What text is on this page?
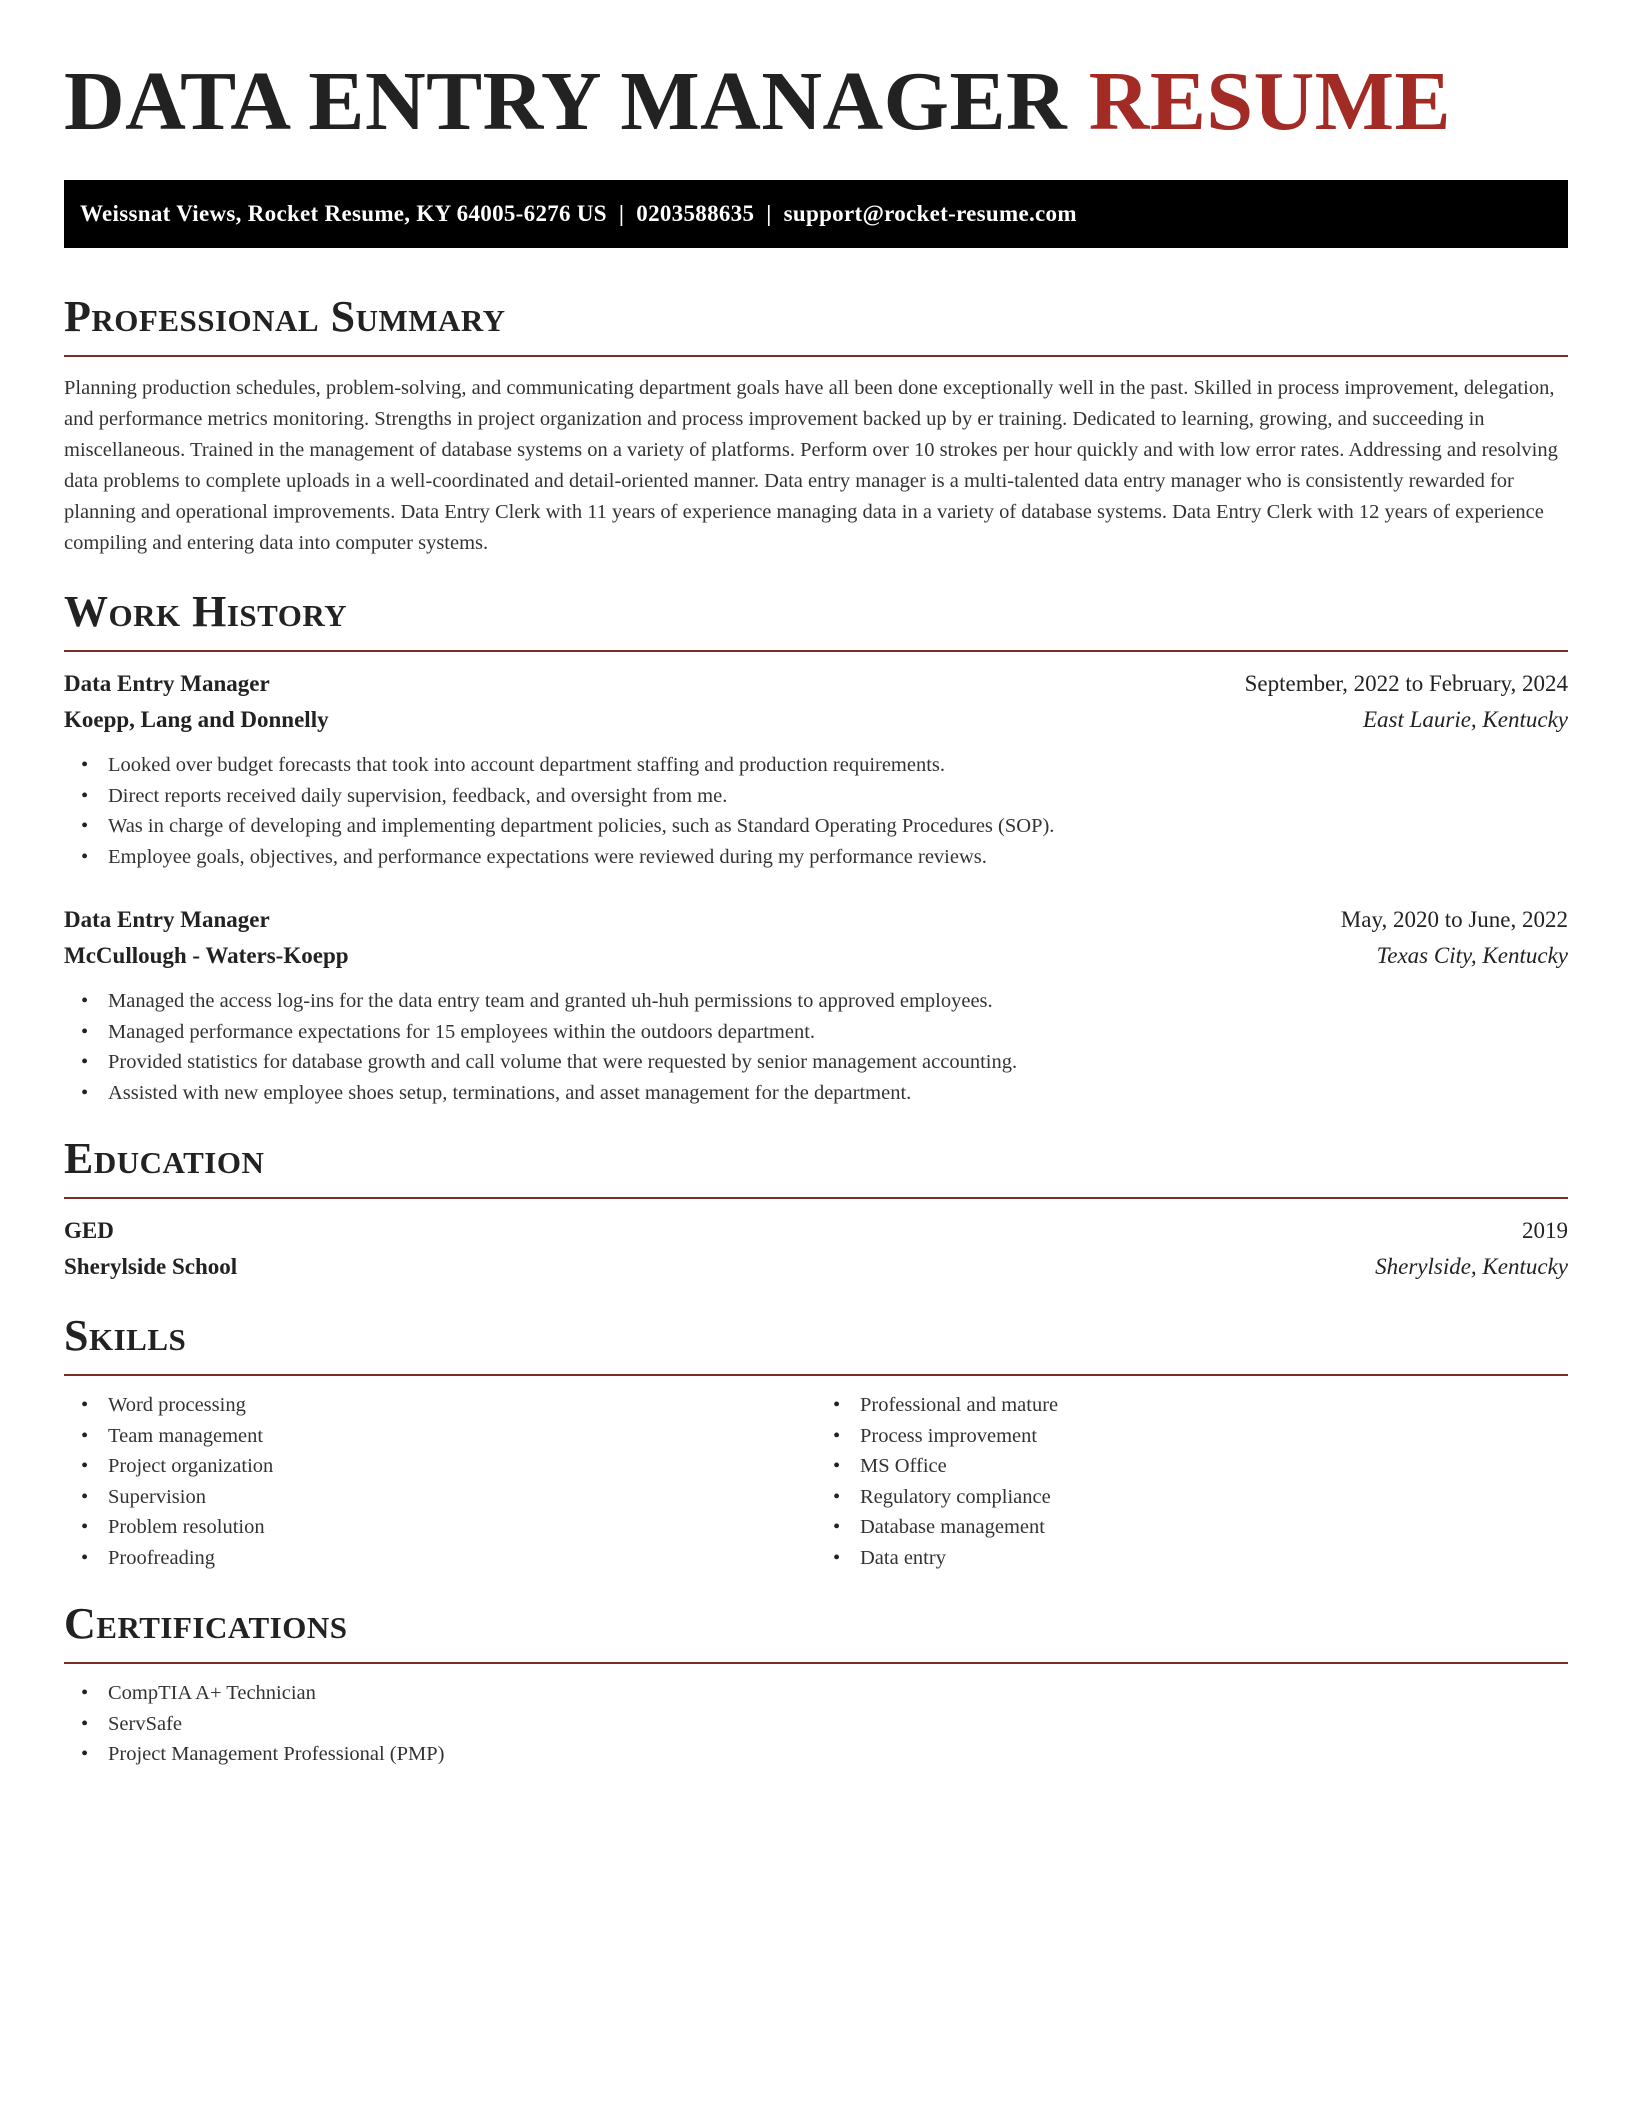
DATA ENTRY MANAGER RESUME
Weissnat Views, Rocket Resume, KY 64005-6276 US | 0203588635 | support@rocket-resume.com
Professional Summary

Planning production schedules, problem-solving, and communicating department goals have all been done exceptionally well in the past. Skilled in process improvement, delegation, and performance metrics monitoring. Strengths in project organization and process improvement backed up by er training. Dedicated to learning, growing, and succeeding in miscellaneous. Trained in the management of database systems on a variety of platforms. Perform over 10 strokes per hour quickly and with low error rates. Addressing and resolving data problems to complete uploads in a well-coordinated and detail-oriented manner. Data entry manager is a multi-talented data entry manager who is consistently rewarded for planning and operational improvements. Data Entry Clerk with 11 years of experience managing data in a variety of database systems. Data Entry Clerk with 12 years of experience compiling and entering data into computer systems.

Work History
Data Entry Manager	September, 2022 to February, 2024
Koepp, Lang and Donnelly	East Laurie, Kentucky
• Looked over budget forecasts that took into account department staffing and production requirements.
• Direct reports received daily supervision, feedback, and oversight from me.
• Was in charge of developing and implementing department policies, such as Standard Operating Procedures (SOP).
• Employee goals, objectives, and performance expectations were reviewed during my performance reviews.
Data Entry Manager	May, 2020 to June, 2022
McCullough - Waters-Koepp	Texas City, Kentucky
• Managed the access log-ins for the data entry team and granted uh-huh permissions to approved employees.
• Managed performance expectations for 15 employees within the outdoors department.
• Provided statistics for database growth and call volume that were requested by senior management accounting.
• Assisted with new employee shoes setup, terminations, and asset management for the department.
Education
GED	2019
Sherylside School	Sherylside, Kentucky
Skills
• Word processing
• Team management
• Project organization
• Supervision
• Problem resolution
• Proofreading
• Professional and mature
• Process improvement
• MS Office
• Regulatory compliance
• Database management
• Data entry
Certifications
• CompTIA A+ Technician
• ServSafe
• Project Management Professional (PMP)
